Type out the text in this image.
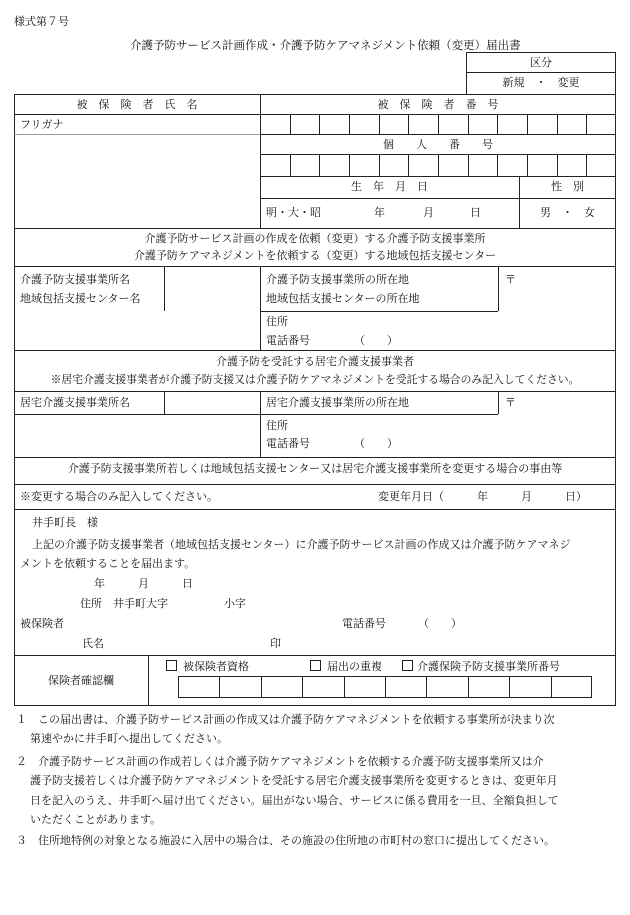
様式第７号
介護予防サービス計画作成・介護予防ケアマネジメント依頼（変更）届出書
区分
新規　・　変更
被　保　険　者　氏　名	被　保　険　者　番　号
フリガナ
個　　人　　番　　号
生　年　月　日	性　別
明・大・昭	年	月	日	男　・　女
介護予防サービス計画の作成を依頼（変更）する介護予防支援事業所
介護予防ケアマネジメントを依頼する（変更）する地域包括支援センター
介護予防支援事業所名
地域包括支援センター名
介護予防支援事業所の所在地
地域包括支援センターの所在地
〒
住所
電話番号	（　　）
介護予防を受託する居宅介護支援事業者
※居宅介護支援事業者が介護予防支援又は介護予防ケアマネジメントを受託する場合のみ記入してください。
居宅介護支援事業所名	居宅介護支援事業所の所在地	〒
住所
電話番号	（　　）
介護予防支援事業所若しくは地域包括支援センター又は居宅介護支援事業所を変更する場合の事由等
※変更する場合のみ記入してください。	変更年月日（　　　年　　　月　　　日）
井手町長　様
上記の介護予防支援事業者（地域包括支援センター）に介護予防サービス計画の作成又は介護予防ケアマネジ
メントを依頼することを届出ます。
年　　　月　　　日
住所　井手町大字	小字
被保険者	電話番号	（　　）
氏名	印
保険者確認欄
被保険者資格	届出の重複	介護保険予防支援事業所番号
１ この届出書は、介護予防サービス計画の作成又は介護予防ケアマネジメントを依頼する事業所が決まり次
第速やかに井手町へ提出してください。
２ 介護予防サービス計画の作成若しくは介護予防ケアマネジメントを依頼する介護予防支援事業所又は介
護予防支援若しくは介護予防ケアマネジメントを受託する居宅介護支援事業所を変更するときは、変更年月
日を記入のうえ、井手町へ届け出てください。届出がない場合、サービスに係る費用を一旦、全額負担して
いただくことがあります。
３ 住所地特例の対象となる施設に入居中の場合は、その施設の住所地の市町村の窓口に提出してください。
